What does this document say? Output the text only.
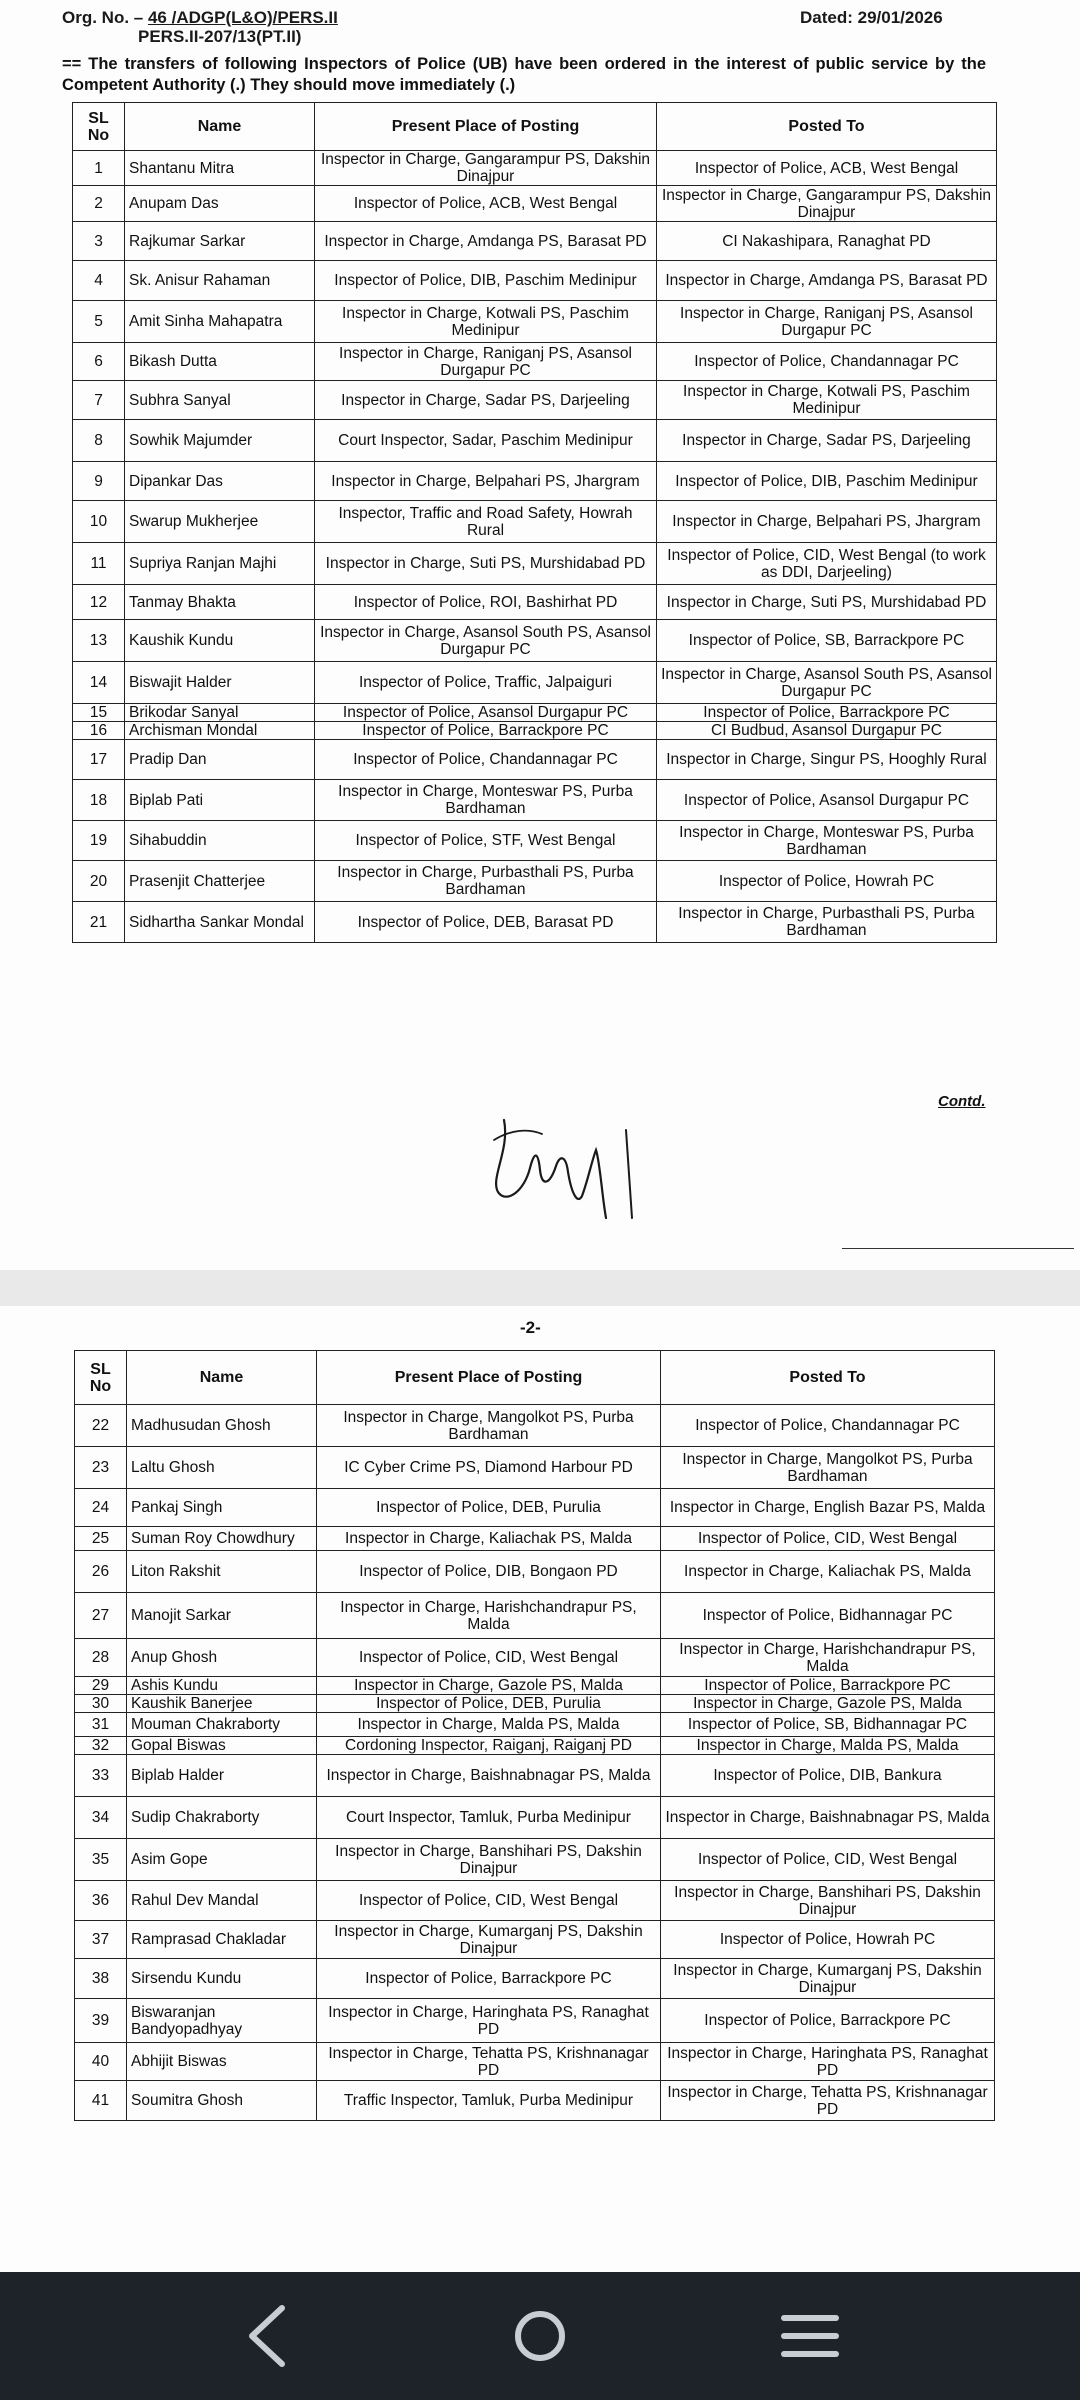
Org. No. – 46 /ADGP(L&O)/PERS.II
PERS.II-207/13(PT.II)
Dated: 29/01/2026
== The transfers of following Inspectors of Police (UB) have been ordered in the interest of public service by the Competent Authority (.) They should move immediately (.)
SL No	Name	Present Place of Posting	Posted To
1	Shantanu Mitra	Inspector in Charge, Gangarampur PS, Dakshin Dinajpur	Inspector of Police, ACB, West Bengal
2	Anupam Das	Inspector of Police, ACB, West Bengal	Inspector in Charge, Gangarampur PS, Dakshin Dinajpur
3	Rajkumar Sarkar	Inspector in Charge, Amdanga PS, Barasat PD	CI Nakashipara, Ranaghat PD
4	Sk. Anisur Rahaman	Inspector of Police, DIB, Paschim Medinipur	Inspector in Charge, Amdanga PS, Barasat PD
5	Amit Sinha Mahapatra	Inspector in Charge, Kotwali PS, Paschim Medinipur	Inspector in Charge, Raniganj PS, Asansol Durgapur PC
6	Bikash Dutta	Inspector in Charge, Raniganj PS, Asansol Durgapur PC	Inspector of Police, Chandannagar PC
7	Subhra Sanyal	Inspector in Charge, Sadar PS, Darjeeling	Inspector in Charge, Kotwali PS, Paschim Medinipur
8	Sowhik Majumder	Court Inspector, Sadar, Paschim Medinipur	Inspector in Charge, Sadar PS, Darjeeling
9	Dipankar Das	Inspector in Charge, Belpahari PS, Jhargram	Inspector of Police, DIB, Paschim Medinipur
10	Swarup Mukherjee	Inspector, Traffic and Road Safety, Howrah Rural	Inspector in Charge, Belpahari PS, Jhargram
11	Supriya Ranjan Majhi	Inspector in Charge, Suti PS, Murshidabad PD	Inspector of Police, CID, West Bengal (to work as DDI, Darjeeling)
12	Tanmay Bhakta	Inspector of Police, ROI, Bashirhat PD	Inspector in Charge, Suti PS, Murshidabad PD
13	Kaushik Kundu	Inspector in Charge, Asansol South PS, Asansol Durgapur PC	Inspector of Police, SB, Barrackpore PC
14	Biswajit Halder	Inspector of Police, Traffic, Jalpaiguri	Inspector in Charge, Asansol South PS, Asansol Durgapur PC
15	Brikodar Sanyal	Inspector of Police, Asansol Durgapur PC	Inspector of Police, Barrackpore PC
16	Archisman Mondal	Inspector of Police, Barrackpore PC	CI Budbud, Asansol Durgapur PC
17	Pradip Dan	Inspector of Police, Chandannagar PC	Inspector in Charge, Singur PS, Hooghly Rural
18	Biplab Pati	Inspector in Charge, Monteswar PS, Purba Bardhaman	Inspector of Police, Asansol Durgapur PC
19	Sihabuddin	Inspector of Police, STF, West Bengal	Inspector in Charge, Monteswar PS, Purba Bardhaman
20	Prasenjit Chatterjee	Inspector in Charge, Purbasthali PS, Purba Bardhaman	Inspector of Police, Howrah PC
21	Sidhartha Sankar Mondal	Inspector of Police, DEB, Barasat PD	Inspector in Charge, Purbasthali PS, Purba Bardhaman
Contd.
-2-
SL No	Name	Present Place of Posting	Posted To
22	Madhusudan Ghosh	Inspector in Charge, Mangolkot PS, Purba Bardhaman	Inspector of Police, Chandannagar PC
23	Laltu Ghosh	IC Cyber Crime PS, Diamond Harbour PD	Inspector in Charge, Mangolkot PS, Purba Bardhaman
24	Pankaj Singh	Inspector of Police, DEB, Purulia	Inspector in Charge, English Bazar PS, Malda
25	Suman Roy Chowdhury	Inspector in Charge, Kaliachak PS, Malda	Inspector of Police, CID, West Bengal
26	Liton Rakshit	Inspector of Police, DIB, Bongaon PD	Inspector in Charge, Kaliachak PS, Malda
27	Manojit Sarkar	Inspector in Charge, Harishchandrapur PS, Malda	Inspector of Police, Bidhannagar PC
28	Anup Ghosh	Inspector of Police, CID, West Bengal	Inspector in Charge, Harishchandrapur PS, Malda
29	Ashis Kundu	Inspector in Charge, Gazole PS, Malda	Inspector of Police, Barrackpore PC
30	Kaushik Banerjee	Inspector of Police, DEB, Purulia	Inspector in Charge, Gazole PS, Malda
31	Mouman Chakraborty	Inspector in Charge, Malda PS, Malda	Inspector of Police, SB, Bidhannagar PC
32	Gopal Biswas	Cordoning Inspector, Raiganj, Raiganj PD	Inspector in Charge, Malda PS, Malda
33	Biplab Halder	Inspector in Charge, Baishnabnagar PS, Malda	Inspector of Police, DIB, Bankura
34	Sudip Chakraborty	Court Inspector, Tamluk, Purba Medinipur	Inspector in Charge, Baishnabnagar PS, Malda
35	Asim Gope	Inspector in Charge, Banshihari PS, Dakshin Dinajpur	Inspector of Police, CID, West Bengal
36	Rahul Dev Mandal	Inspector of Police, CID, West Bengal	Inspector in Charge, Banshihari PS, Dakshin Dinajpur
37	Ramprasad Chakladar	Inspector in Charge, Kumarganj PS, Dakshin Dinajpur	Inspector of Police, Howrah PC
38	Sirsendu Kundu	Inspector of Police, Barrackpore PC	Inspector in Charge, Kumarganj PS, Dakshin Dinajpur
39	Biswaranjan Bandyopadhyay	Inspector in Charge, Haringhata PS, Ranaghat PD	Inspector of Police, Barrackpore PC
40	Abhijit Biswas	Inspector in Charge, Tehatta PS, Krishnanagar PD	Inspector in Charge, Haringhata PS, Ranaghat PD
41	Soumitra Ghosh	Traffic Inspector, Tamluk, Purba Medinipur	Inspector in Charge, Tehatta PS, Krishnanagar PD
